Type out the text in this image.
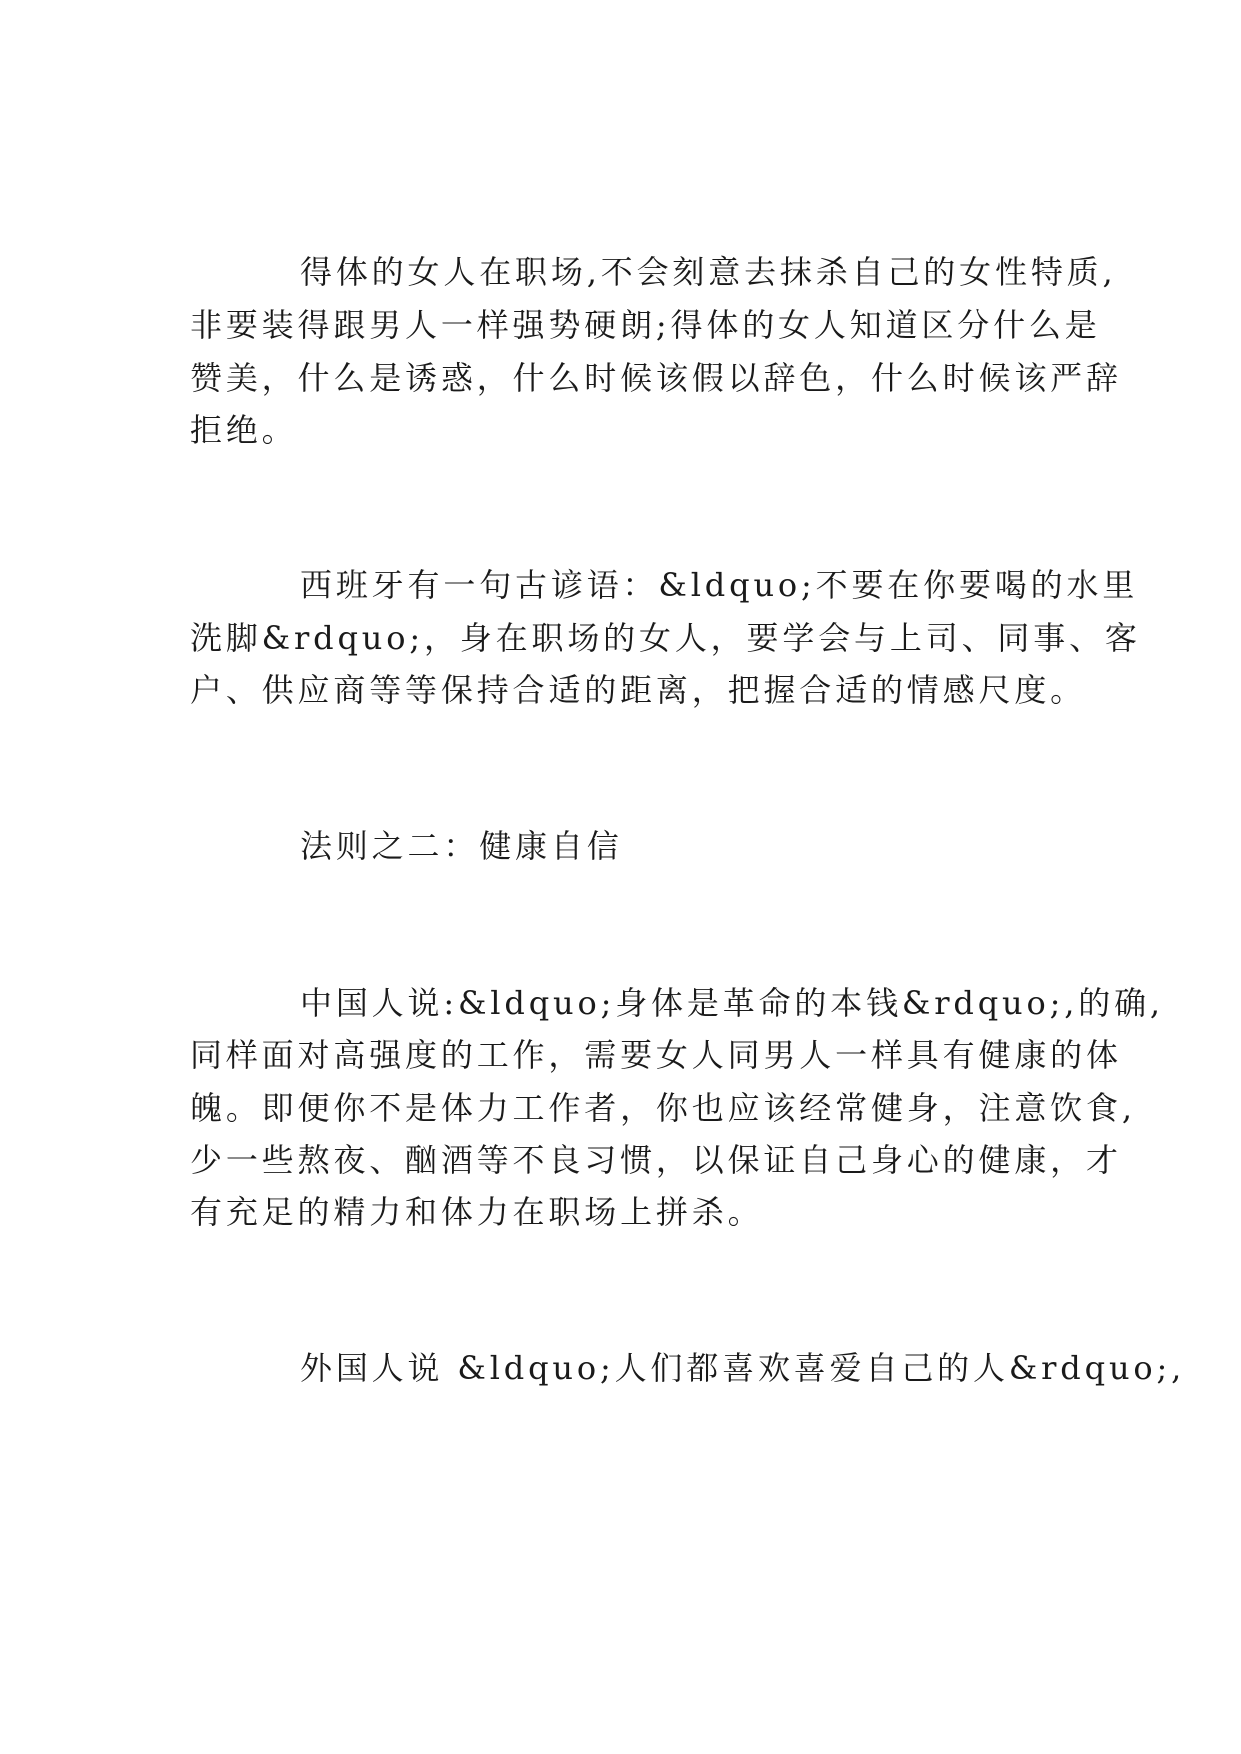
得体的女人在职场,不会刻意去抹杀自己的女性特质,
非要装得跟男人一样强势硬朗;得体的女人知道区分什么是
赞美，什么是诱惑，什么时候该假以辞色，什么时候该严辞
拒绝。
西班牙有一句古谚语：&ldquo;不要在你要喝的水里
洗脚&rdquo;，身在职场的女人，要学会与上司、同事、客
户、供应商等等保持合适的距离，把握合适的情感尺度。
法则之二：健康自信
中国人说:&ldquo;身体是革命的本钱&rdquo;,的确,
同样面对高强度的工作，需要女人同男人一样具有健康的体
魄。即便你不是体力工作者，你也应该经常健身，注意饮食,
少一些熬夜、酗酒等不良习惯，以保证自己身心的健康，才
有充足的精力和体力在职场上拼杀。
外国人说 &ldquo;人们都喜欢喜爱自己的人&rdquo;,
